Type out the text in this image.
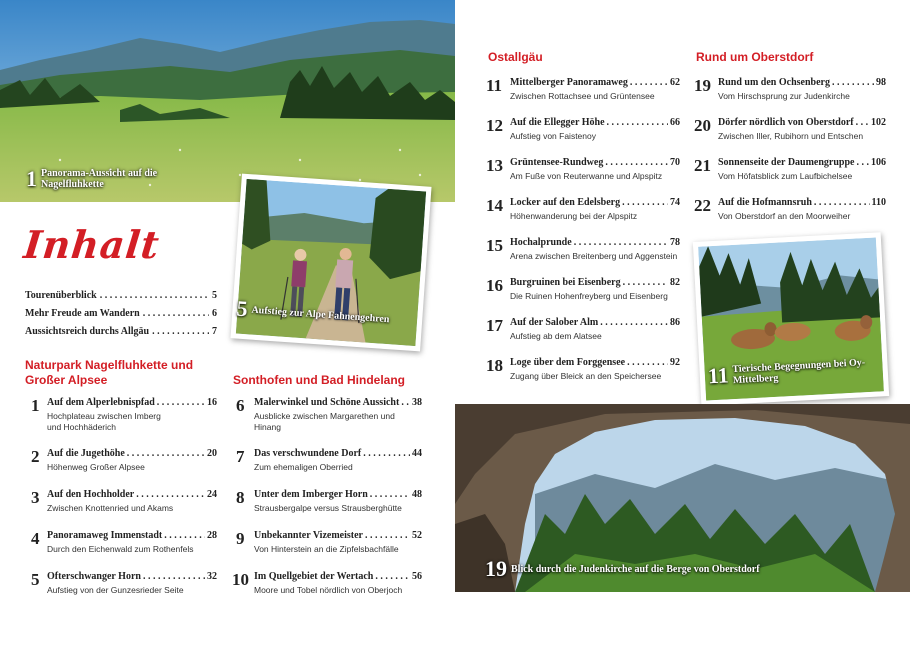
1 Panorama-Aussicht auf die Nagelfluhkette
Inhalt
Tourenüberblick . . .	5
Mehr Freude am Wandern . . .	6
Aussichtsreich durchs Allgäu . . .	7
5 Aufstieg zur Alpe Fahnengehren
Naturpark Nagelfluhkette und Großer Alpsee	Sonthofen und Bad Hindelang
1 Auf dem Alperlebnispfad . . .	16
Hochplateau zwischen Imberg und Hochhäderich
2 Auf die Jugethöhe . . .	20
Höhenweg Großer Alpsee
3 Auf den Hochholder . . .	24
Zwischen Knottenried und Akams
4 Panoramaweg Immenstadt . . .	28
Durch den Eichenwald zum Rothenfels
5 Ofterschwanger Horn . . .	32
Aufstieg von der Gunzesrieder Seite
6 Malerwinkel und Schöne Aussicht . . . 38
Ausblicke zwischen Margarethen und Hinang
7 Das verschwundene Dorf . . .	44
Zum ehemaligen Oberried
8 Unter dem Imberger Horn . . .	48
Strausbergalpe versus Strausberghütte
9 Unbekannter Vizemeister . . .	52
Von Hinterstein an die Zipfelsbachfälle
10 Im Quellgebiet der Wertach . . .	56
Moore und Tobel nördlich von Oberjoch
Ostallgäu	Rund um Oberstdorf
11 Mittelberger Panoramaweg . . .	62
Zwischen Rottachsee und Grüntensee
12 Auf die Ellegger Höhe . . .	66
Aufstieg von Faistenoy
13 Grüntensee-Rundweg . . .	70
Am Fuße von Reuterwanne und Alpspitz
14 Locker auf den Edelsberg . . .	74
Höhenwanderung bei der Alpspitz
15 Hochalprunde . . .	78
Arena zwischen Breitenberg und Aggenstein
16 Burgruinen bei Eisenberg . . .	82
Die Ruinen Hohenfreyberg und Eisenberg
17 Auf der Salober Alm . . .	86
Aufstieg ab dem Alatsee
18 Loge über dem Forggensee . . .	92
Zugang über Bleick an den Speichersee
19 Rund um den Ochsenberg . . .	98
Vom Hirschsprung zur Judenkirche
20 Dörfer nördlich von Oberstdorf . . . 102
Zwischen Iller, Rubihorn und Entschen
21 Sonnenseite der Daumengruppe . . . 106
Vom Höfatsblick zum Laufbichelsee
22 Auf die Hofmannsruh . . .	110
Von Oberstdorf an den Moorweiher
11 Tierische Begegnungen bei Oy-Mittelberg
19 Blick durch die Judenkirche auf die Berge von Oberstdorf
